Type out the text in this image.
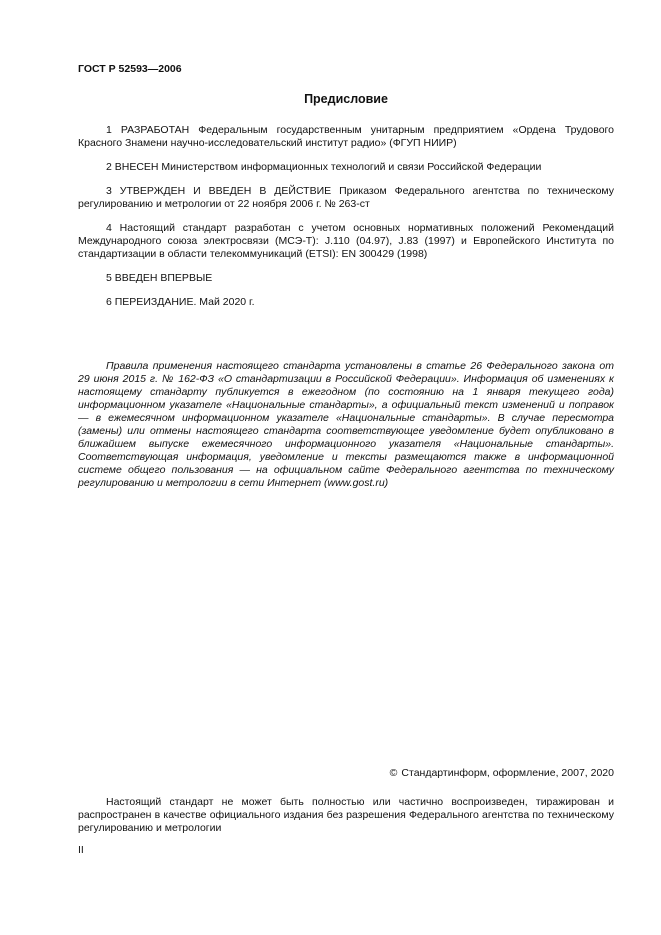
ГОСТ Р 52593—2006
Предисловие

1 РАЗРАБОТАН Федеральным государственным унитарным предприятием «Ордена Трудового Красного Знамени научно-исследовательский институт радио» (ФГУП НИИР)

2 ВНЕСЕН Министерством информационных технологий и связи Российской Федерации

3 УТВЕРЖДЕН И ВВЕДЕН В ДЕЙСТВИЕ Приказом Федерального агентства по техническому регулированию и метрологии от 22 ноября 2006 г. № 263-ст

4 Настоящий стандарт разработан с учетом основных нормативных положений Рекомендаций Международного союза электросвязи (МСЭ-Т): J.110 (04.97), J.83 (1997) и Европейского Института по стандартизации в области телекоммуникаций (ETSI): EN 300429 (1998)

5 ВВЕДЕН ВПЕРВЫЕ

6 ПЕРЕИЗДАНИЕ. Май 2020 г.

Правила применения настоящего стандарта установлены в статье 26 Федерального закона от 29 июня 2015 г. № 162-ФЗ «О стандартизации в Российской Федерации». Информация об изменениях к настоящему стандарту публикуется в ежегодном (по состоянию на 1 января текущего года) информационном указателе «Национальные стандарты», а официальный текст изменений и поправок — в ежемесячном информационном указателе «Национальные стандарты». В случае пересмотра (замены) или отмены настоящего стандарта соответствующее уведомление будет опубликовано в ближайшем выпуске ежемесячного информационного указателя «Национальные стандарты». Соответствующая информация, уведомление и тексты размещаются также в информационной системе общего пользования — на официальном сайте Федерального агентства по техническому регулированию и метрологии в сети Интернет (www.gost.ru)

© Стандартинформ, оформление, 2007, 2020

Настоящий стандарт не может быть полностью или частично воспроизведен, тиражирован и распространен в качестве официального издания без разрешения Федерального агентства по техническому регулированию и метрологии

II
